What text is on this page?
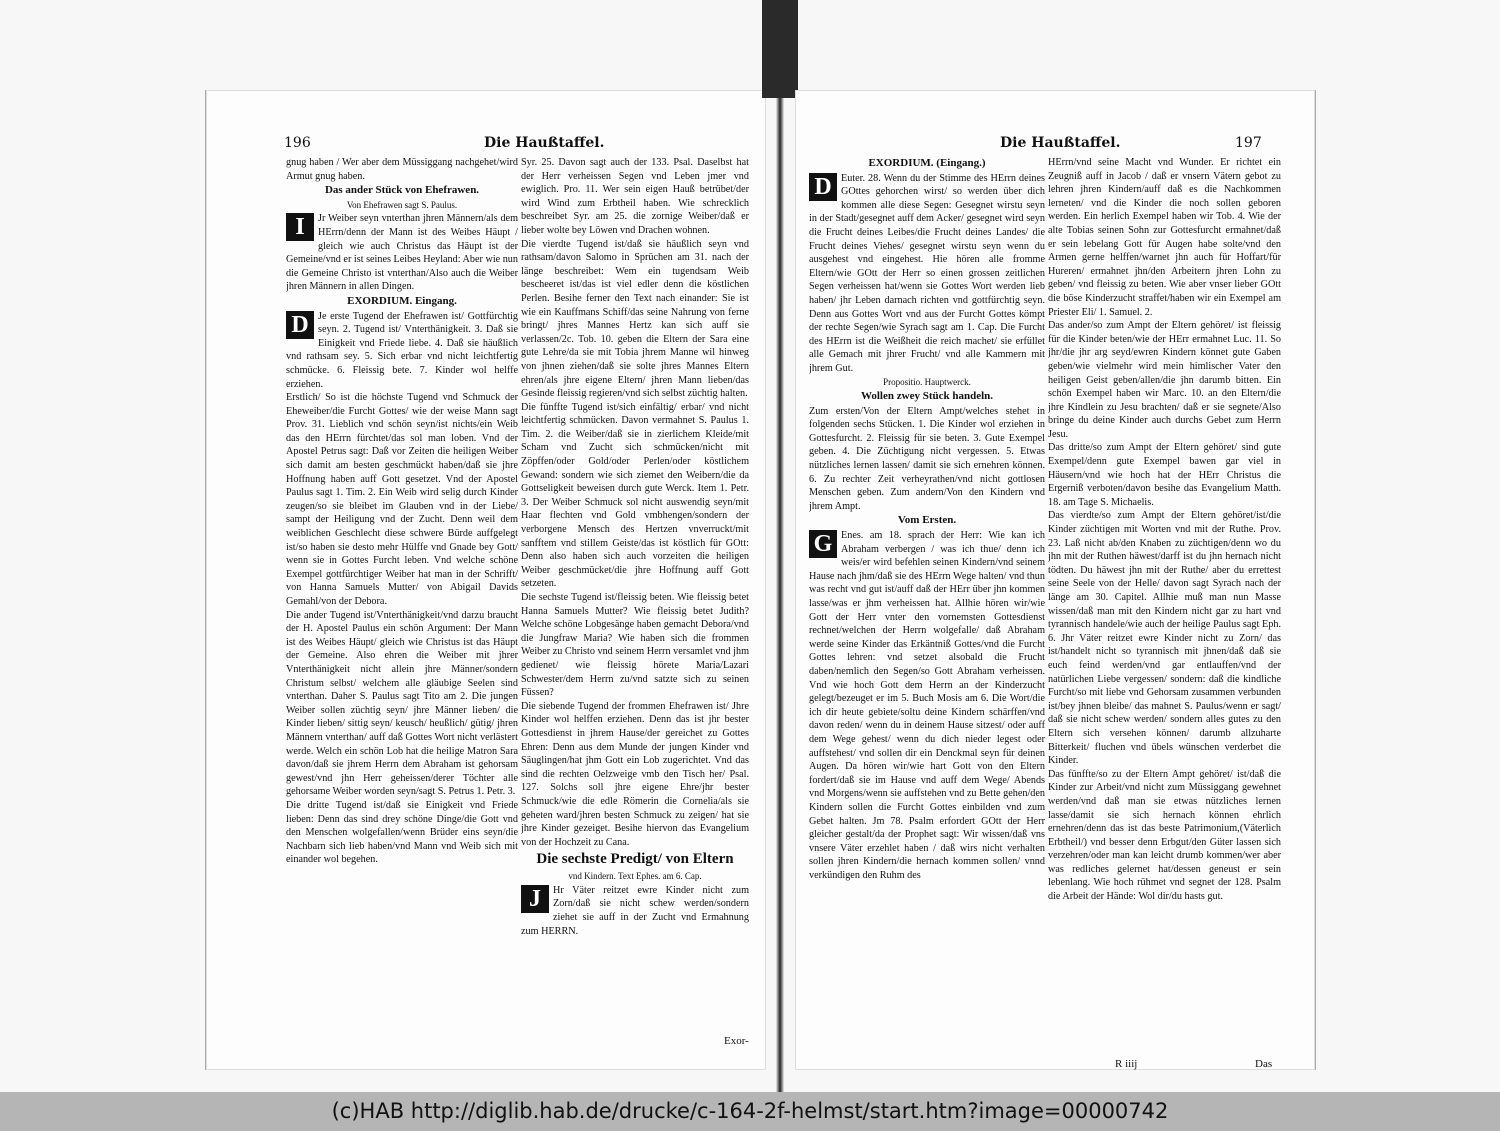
196	Die Haußtaffel.

gnug haben / Wer aber dem Müssiggang nachgehet/wird Armut gnug haben.

Das ander Stück von Ehefrawen.

Von Ehefrawen sagt S. Paulus.

I	Jr Weiber seyn vnterthan jhren Männern/als dem HErrn/denn der Mann ist des Weibes Häupt / gleich wie auch Christus das Häupt ist der Gemeine/vnd er ist seines Leibes Heyland: Aber wie nun die Gemeine Christo ist vnterthan/Also auch die Weiber jhren Männern in allen Dingen.

EXORDIUM. Eingang.

D Je erste Tugend der Ehefrawen ist/ Gottfürchtig seyn. 2. Tugend ist/ Vnterthänigkeit. 3. Daß sie Einigkeit vnd Friede liebe. 4. Daß sie häußlich vnd rathsam sey. 5. Sich erbar vnd nicht leichtfertig schmücke. 6. Fleissig bete. 7. Kinder wol helffe erziehen.

Erstlich/ So ist die höchste Tugend vnd Schmuck der Eheweiber/die Furcht Gottes/ wie der weise Mann sagt Prov. 31. Lieblich vnd schön seyn/ist nichts/ein Weib das den HErrn fürchtet/das sol man loben. Vnd der Apostel Petrus sagt: Daß vor Zeiten die heiligen Weiber sich damit am besten geschmückt haben/daß sie jhre Hoffnung haben auff Gott gesetzet. Vnd der Apostel Paulus sagt 1. Tim. 2. Ein Weib wird selig durch Kinder zeugen/so sie bleibet im Glauben vnd in der Liebe/ sampt der Heiligung vnd der Zucht. Denn weil dem weiblichen Geschlecht diese schwere Bürde auffgelegt ist/so haben sie desto mehr Hülffe vnd Gnade bey Gott/ wenn sie in Gottes Furcht leben. Vnd welche schöne Exempel gottfürchtiger Weiber hat man in der Schrifft/ von Hanna Samuels Mutter/ von Abigail Davids Gemahl/von der Debora.

Die ander Tugend ist/Vnterthänigkeit/vnd darzu braucht der H. Apostel Paulus ein schön Argument: Der Mann ist des Weibes Häupt/ gleich wie Christus ist das Häupt der Gemeine. Also ehren die Weiber mit jhrer Vnterthänigkeit nicht allein jhre Männer/sondern Christum selbst/ welchem alle gläubige Seelen sind vnterthan. Daher S. Paulus sagt Tito am 2. Die jungen Weiber sollen züchtig seyn/ jhre Männer lieben/ die Kinder lieben/ sittig seyn/ keusch/ heußlich/ gütig/ jhren Männern vnterthan/ auff daß Gottes Wort nicht verlästert werde. Welch ein schön Lob hat die heilige Matron Sara davon/daß sie jhrem Herrn dem Abraham ist gehorsam gewest/vnd jhn Herr geheissen/derer Töchter alle gehorsame Weiber worden seyn/sagt S. Petrus 1. Petr. 3.

Die dritte Tugend ist/daß sie Einigkeit vnd Friede lieben: Denn das sind drey schöne Dinge/die Gott vnd den Menschen wolgefallen/wenn Brüder eins seyn/die Nachbarn sich lieb haben/vnd Mann vnd Weib sich mit einander wol begehen.

Syr. 25. Davon sagt auch der 133. Psal. Daselbst hat der Herr verheissen Segen vnd Leben jmer vnd ewiglich. Pro. 11. Wer sein eigen Hauß betrübet/der wird Wind zum Erbtheil haben. Wie schrecklich beschreibet Syr. am 25. die zornige Weiber/daß er lieber wolte bey Löwen vnd Drachen wohnen.

Die vierdte Tugend ist/daß sie häußlich seyn vnd rathsam/davon Salomo in Sprüchen am 31. nach der länge beschreibet: Wem ein tugendsam Weib bescheeret ist/das ist viel edler denn die köstlichen Perlen. Besihe ferner den Text nach einander: Sie ist wie ein Kauffmans Schiff/das seine Nahrung von ferne bringt/ jhres Mannes Hertz kan sich auff sie verlassen/2c. Tob. 10. geben die Eltern der Sara eine gute Lehre/da sie mit Tobia jhrem Manne wil hinweg von jhnen ziehen/daß sie solte jhres Mannes Eltern ehren/als jhre eigene Eltern/ jhren Mann lieben/das Gesinde fleissig regieren/vnd sich selbst züchtig halten.

Die fünffte Tugend ist/sich einfältig/ erbar/ vnd nicht leichtfertig schmücken. Davon vermahnet S. Paulus 1. Tim. 2. die Weiber/daß sie in zierlichem Kleide/mit Scham vnd Zucht sich schmücken/nicht mit Zöpffen/oder Gold/oder Perlen/oder köstlichem Gewand: sondern wie sich ziemet den Weibern/die da Gottseligkeit beweisen durch gute Werck. Item 1. Petr. 3. Der Weiber Schmuck sol nicht auswendig seyn/mit Haar flechten vnd Gold vmbhengen/sondern der verborgene Mensch des Hertzen vnverruckt/mit sanfftem vnd stillem Geiste/das ist köstlich für GOtt: Denn also haben sich auch vorzeiten die heiligen Weiber geschmücket/die jhre Hoffnung auff Gott setzeten.

Die sechste Tugend ist/fleissig beten. Wie fleissig betet Hanna Samuels Mutter? Wie fleissig betet Judith? Welche schöne Lobgesänge haben gemacht Debora/vnd die Jungfraw Maria? Wie haben sich die frommen Weiber zu Christo vnd seinem Herrn versamlet vnd jhm gedienet/ wie fleissig hörete Maria/Lazari Schwester/dem Herrn zu/vnd satzte sich zu seinen Füssen?

Die siebende Tugend der frommen Ehefrawen ist/ Jhre Kinder wol helffen erziehen. Denn das ist jhr bester Gottesdienst in jhrem Hause/der gereichet zu Gottes Ehren: Denn aus dem Munde der jungen Kinder vnd Säuglingen/hat jhm Gott ein Lob zugerichtet. Vnd das sind die rechten Oelzweige vmb den Tisch her/ Psal. 127. Solchs soll jhre eigene Ehre/jhr bester Schmuck/wie die edle Römerin die Cornelia/als sie geheten ward/jhren besten Schmuck zu zeigen/ hat sie jhre Kinder gezeiget. Besihe hiervon das Evangelium von der Hochzeit zu Cana.

Die sechste Predigt/ von Eltern

vnd Kindern. Text Ephes. am 6. Cap.

J	Hr Väter reitzet ewre Kinder nicht zum Zorn/daß sie nicht schew werden/sondern ziehet sie auff in der Zucht vnd Ermahnung zum HERRN.

Exor-
Die Haußtaffel.	197

EXORDIUM. (Eingang.)

D Euter. 28. Wenn du der Stimme des HErrn deines GOttes gehorchen wirst/ so werden über dich kommen alle diese Segen: Gesegnet wirstu seyn in der Stadt/gesegnet auff dem Acker/ gesegnet wird seyn die Frucht deines Leibes/die Frucht deines Landes/ die Frucht deines Viehes/ gesegnet wirstu seyn wenn du ausgehest vnd eingehest. Hie hören alle fromme Eltern/wie GOtt der Herr so einen grossen zeitlichen Segen verheissen hat/wenn sie Gottes Wort werden lieb haben/ jhr Leben darnach richten vnd gottfürchtig seyn. Denn aus Gottes Wort vnd aus der Furcht Gottes kömpt der rechte Segen/wie Syrach sagt am 1. Cap. Die Furcht des HErrn ist die Weißheit die reich machet/ sie erfüllet alle Gemach mit jhrer Frucht/ vnd alle Kammern mit jhrem Gut.

Propositio. Hauptwerck.

Wollen zwey Stück handeln.

Zum ersten/Von der Eltern Ampt/welches stehet in folgenden sechs Stücken. 1. Die Kinder wol erziehen in Gottesfurcht. 2. Fleissig für sie beten. 3. Gute Exempel geben. 4. Die Züchtigung nicht vergessen. 5. Etwas nützliches lernen lassen/ damit sie sich ernehren können. 6. Zu rechter Zeit verheyrathen/vnd nicht gottlosen Menschen geben. Zum andern/Von den Kindern vnd jhrem Ampt.

Vom Ersten.

G Enes. am 18. sprach der Herr: Wie kan ich Abraham verbergen / was ich thue/ denn ich weis/er wird befehlen seinen Kindern/vnd seinem Hause nach jhm/daß sie des HErrn Wege halten/ vnd thun was recht vnd gut ist/auff daß der HErr über jhn kommen lasse/was er jhm verheissen hat. Allhie hören wir/wie Gott der Herr vnter den vornemsten Gottesdienst rechnet/welchen der Herrn wolgefalle/ daß Abraham werde seine Kinder das Erkäntniß Gottes/vnd die Furcht Gottes lehren: vnd setzet alsobald die Frucht daben/nemlich den Segen/so Gott Abraham verheissen. Vnd wie hoch Gott dem Herrn an der Kinderzucht gelegt/bezeuget er im 5. Buch Mosis am 6. Die Wort/die ich dir heute gebiete/soltu deine Kindern schärffen/vnd davon reden/ wenn du in deinem Hause sitzest/ oder auff dem Wege gehest/ wenn du dich nieder legest oder auffstehest/ vnd sollen dir ein Denckmal seyn für deinen Augen. Da hören wir/wie hart Gott von den Eltern fordert/daß sie im Hause vnd auff dem Wege/ Abends vnd Morgens/wenn sie auffstehen vnd zu Bette gehen/den Kindern sollen die Furcht Gottes einbilden vnd zum Gebet halten. Jm 78. Psalm erfordert GOtt der Herr gleicher gestalt/da der Prophet sagt: Wir wissen/daß vns vnsere Väter erzehlet haben / daß wirs nicht verhalten sollen jhren Kindern/die hernach kommen sollen/ vnnd verkündigen den Ruhm des

HErrn/vnd seine Macht vnd Wunder. Er richtet ein Zeugniß auff in Jacob / daß er vnsern Vätern gebot zu lehren jhren Kindern/auff daß es die Nachkommen lerneten/ vnd die Kinder die noch sollen geboren werden. Ein herlich Exempel haben wir Tob. 4. Wie der alte Tobias seinen Sohn zur Gottesfurcht ermahnet/daß er sein lebelang Gott für Augen habe solte/vnd den Armen gerne helffen/warnet jhn auch für Hoffart/für Hureren/ ermahnet jhn/den Arbeitern jhren Lohn zu geben/ vnd fleissig zu beten. Wie aber vnser lieber GOtt die böse Kinderzucht straffet/haben wir ein Exempel am Priester Eli/ 1. Samuel. 2.

Das ander/so zum Ampt der Eltern gehöret/ ist fleissig für die Kinder beten/wie der HErr ermahnet Luc. 11. So jhr/die jhr arg seyd/ewren Kindern könnet gute Gaben geben/wie vielmehr wird mein himlischer Vater den heiligen Geist geben/allen/die jhn darumb bitten. Ein schön Exempel haben wir Marc. 10. an den Eltern/die jhre Kindlein zu Jesu brachten/ daß er sie segnete/Also bringe du deine Kinder auch durchs Gebet zum Herrn Jesu.

Das dritte/so zum Ampt der Eltern gehöret/ sind gute Exempel/denn gute Exempel bawen gar viel in Häusern/vnd wie hoch hat der HErr Christus die Ergerniß verboten/davon besihe das Evangelium Matth. 18. am Tage S. Michaelis.

Das vierdte/so zum Ampt der Eltern gehöret/ist/die Kinder züchtigen mit Worten vnd mit der Ruthe. Prov. 23. Laß nicht ab/den Knaben zu züchtigen/denn wo du jhn mit der Ruthen häwest/darff ist du jhn hernach nicht tödten. Du häwest jhn mit der Ruthe/ aber du errettest seine Seele von der Helle/ davon sagt Syrach nach der länge am 30. Capitel. Allhie muß man nun Masse wissen/daß man mit den Kindern nicht gar zu hart vnd tyrannisch handele/wie auch der heilige Paulus sagt Eph. 6. Jhr Väter reitzet ewre Kinder nicht zu Zorn/ das ist/handelt nicht so tyrannisch mit jhnen/daß daß sie euch feind werden/vnd gar entlauffen/vnd der natürlichen Liebe vergessen/ sondern: daß die kindliche Furcht/so mit liebe vnd Gehorsam zusammen verbunden ist/bey jhnen bleibe/ das mahnet S. Paulus/wenn er sagt/ daß sie nicht schew werden/ sondern alles gutes zu den Eltern sich versehen können/ darumb allzuharte Bitterkeit/ fluchen vnd übels wünschen verderbet die Kinder.

Das fünffte/so zu der Eltern Ampt gehöret/ ist/daß die Kinder zur Arbeit/vnd nicht zum Müssiggang gewehnet werden/vnd daß man sie etwas nützliches lernen lasse/damit sie sich hernach können ehrlich ernehren/denn das ist das beste Patrimonium,(Väterlich Erbtheil/) vnd besser denn Erbgut/den Güter lassen sich verzehren/oder man kan leicht drumb kommen/wer aber was redliches gelernet hat/dessen geneust er sein lebenlang. Wie hoch rühmet vnd segnet der 128. Psalm die Arbeit der Hände: Wol dir/du hasts gut.

R iiij	Das
(c)HAB http://diglib.hab.de/drucke/c-164-2f-helmst/start.htm?image=00000742
